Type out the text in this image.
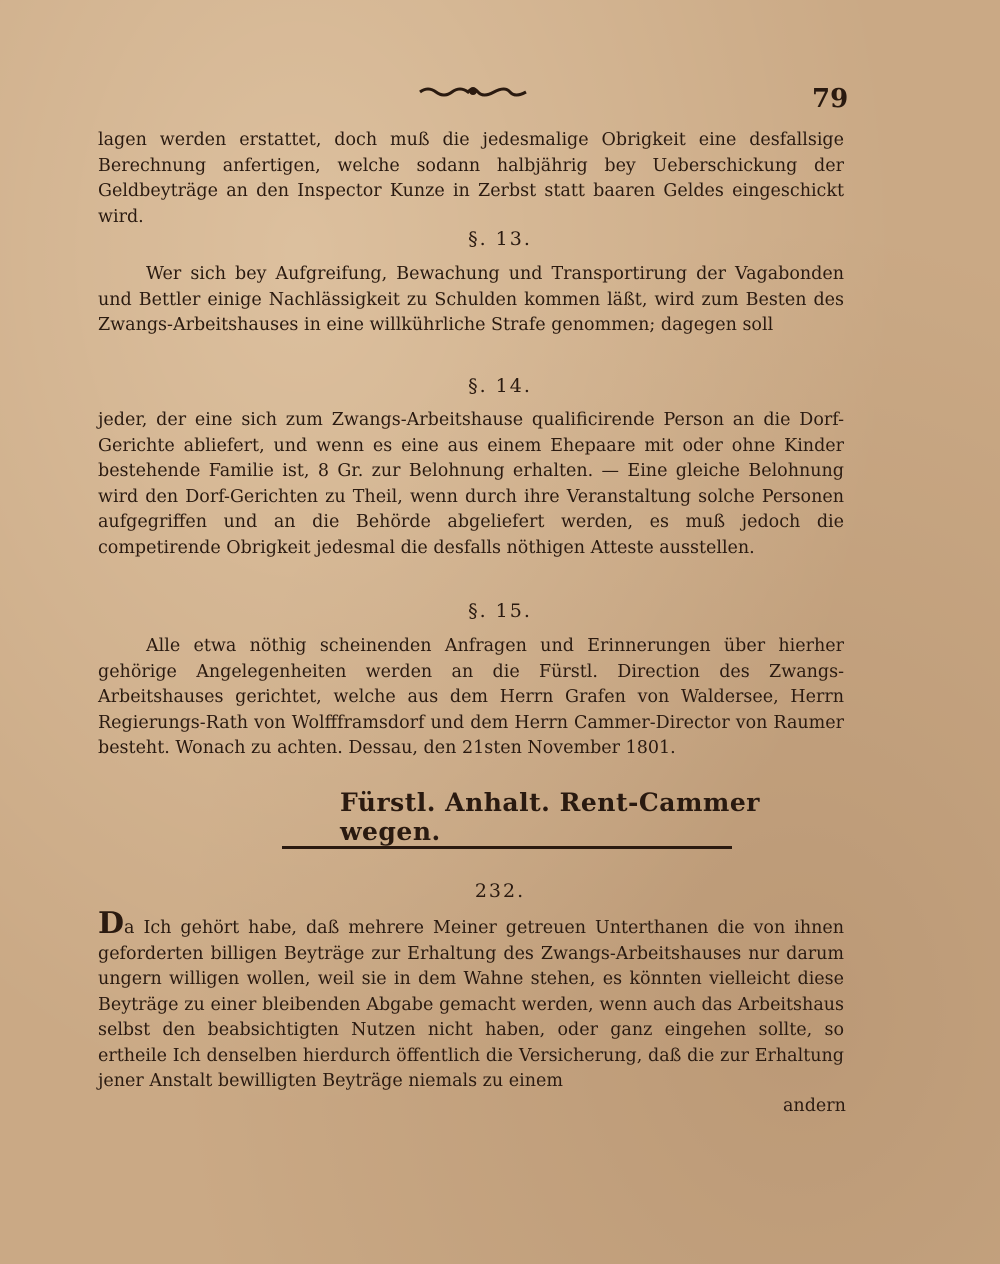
79
lagen werden erstattet, doch muß die jedesmalige Obrigkeit eine desfallsige Berechnung anfertigen, welche sodann halbjährig bey Ueberschickung der Geldbeyträge an den Inspector Kunze in Zerbst statt baaren Geldes eingeschickt wird.
§. 13.
Wer sich bey Aufgreifung, Bewachung und Transportirung der Vagabonden und Bettler einige Nachlässigkeit zu Schulden kommen läßt, wird zum Besten des Zwangs-Arbeitshauses in eine willkührliche Strafe genommen; dagegen soll
§. 14.
jeder, der eine sich zum Zwangs-Arbeitshause qualificirende Person an die Dorf-Gerichte abliefert, und wenn es eine aus einem Ehepaare mit oder ohne Kinder bestehende Familie ist, 8 Gr. zur Belohnung erhalten. — Eine gleiche Belohnung wird den Dorf-Gerichten zu Theil, wenn durch ihre Veranstaltung solche Personen aufgegriffen und an die Behörde abgeliefert werden, es muß jedoch die competirende Obrigkeit jedesmal die desfalls nöthigen Atteste ausstellen.
§. 15.
Alle etwa nöthig scheinenden Anfragen und Erinnerungen über hierher gehörige Angelegenheiten werden an die Fürstl. Direction des Zwangs-Arbeitshauses gerichtet, welche aus dem Herrn Grafen von Waldersee, Herrn Regierungs-Rath von Wolffframsdorf und dem Herrn Cammer-Director von Raumer besteht. Wonach zu achten. Dessau, den 21sten November 1801.
Fürstl. Anhalt. Rent-Cammer wegen.
232.
Da Ich gehört habe, daß mehrere Meiner getreuen Unterthanen die von ihnen geforderten billigen Beyträge zur Erhaltung des Zwangs-Arbeitshauses nur darum ungern willigen wollen, weil sie in dem Wahne stehen, es könnten vielleicht diese Beyträge zu einer bleibenden Abgabe gemacht werden, wenn auch das Arbeitshaus selbst den beabsichtigten Nutzen nicht haben, oder ganz eingehen sollte, so ertheile Ich denselben hierdurch öffentlich die Versicherung, daß die zur Erhaltung jener Anstalt bewilligten Beyträge niemals zu einem
andern
